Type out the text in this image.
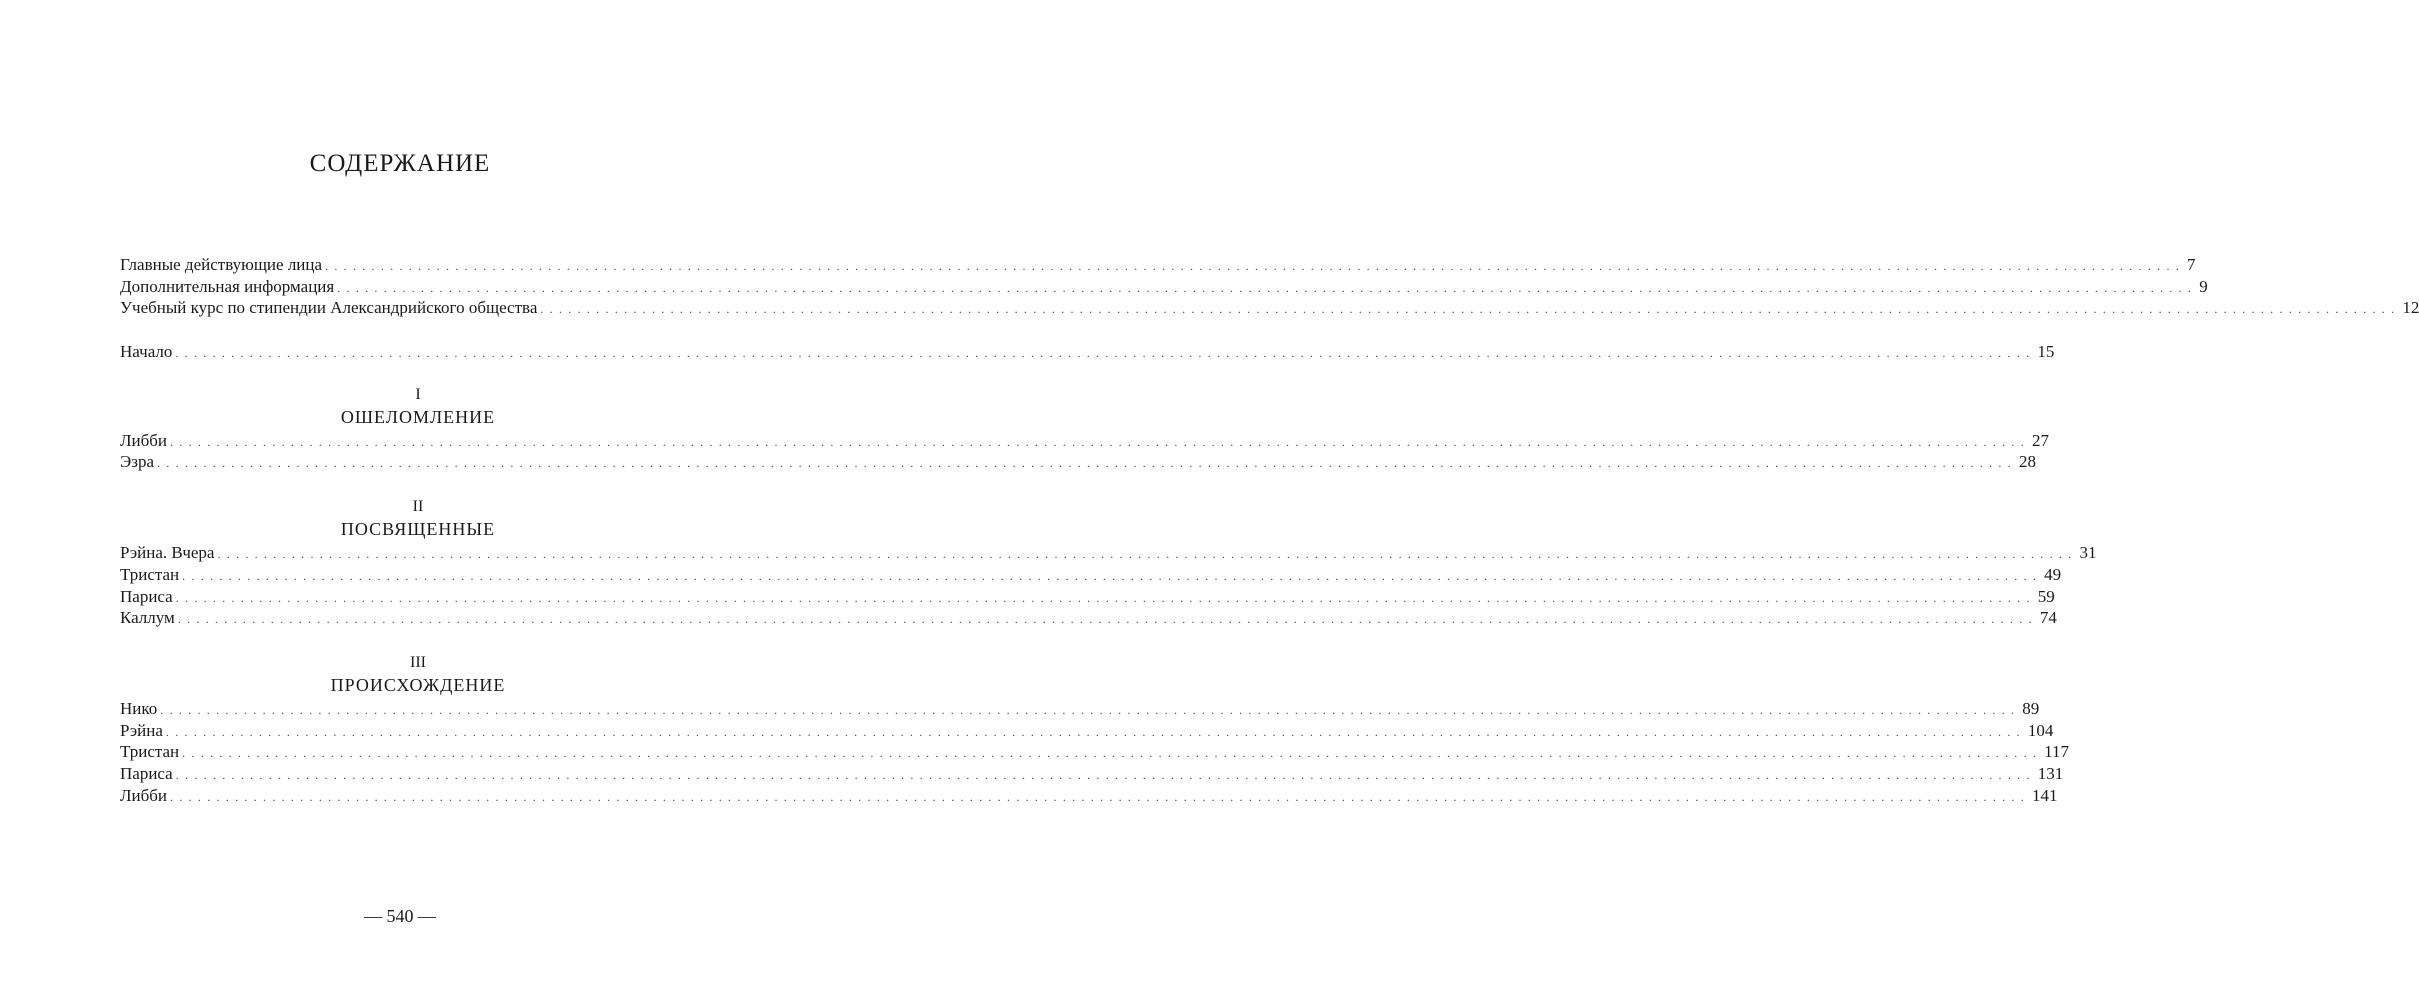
СОДЕРЖАНИЕ
Главные действующие лица ........................................................................................................................................................................................................ 7
Дополнительная информация ........................................................................................................................................................................................................ 9
Учебный курс по стипендии Александрийского общества ........................................................................................................................................................................................................ 12
Начало ........................................................................................................................................................................................................ 15
I
ОШЕЛОМЛЕНИЕ
Либби ........................................................................................................................................................................................................ 27
Эзра ........................................................................................................................................................................................................ 28
II
ПОСВЯЩЕННЫЕ
Рэйна. Вчера ........................................................................................................................................................................................................ 31
Тристан ........................................................................................................................................................................................................ 49
Париса ........................................................................................................................................................................................................ 59
Каллум ........................................................................................................................................................................................................ 74
III
ПРОИСХОЖДЕНИЕ
Нико ........................................................................................................................................................................................................ 89
Рэйна ........................................................................................................................................................................................................ 104
Тристан ........................................................................................................................................................................................................ 117
Париса ........................................................................................................................................................................................................ 131
Либби ........................................................................................................................................................................................................ 141
— 540 —
